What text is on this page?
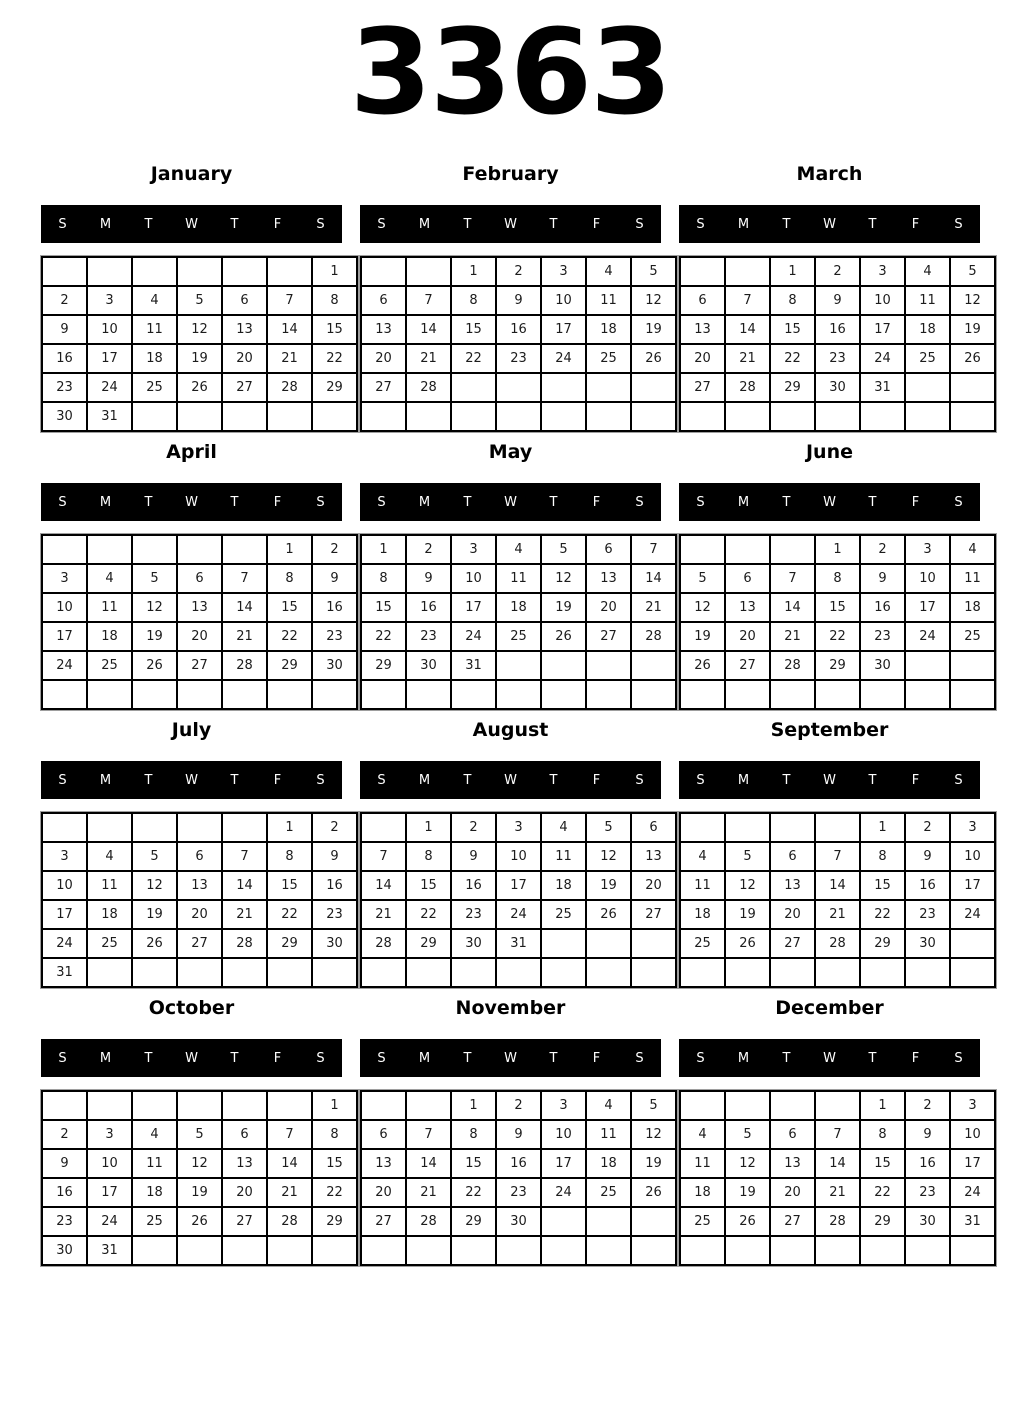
3363
January
S	M	T	W	T	F	S
						1
2	3	4	5	6	7	8
9	10	11	12	13	14	15
16	17	18	19	20	21	22
23	24	25	26	27	28	29
30	31					
February
S	M	T	W	T	F	S
		1	2	3	4	5
6	7	8	9	10	11	12
13	14	15	16	17	18	19
20	21	22	23	24	25	26
27	28					

March
S	M	T	W	T	F	S
		1	2	3	4	5
6	7	8	9	10	11	12
13	14	15	16	17	18	19
20	21	22	23	24	25	26
27	28	29	30	31		

April
S	M	T	W	T	F	S
					1	2
3	4	5	6	7	8	9
10	11	12	13	14	15	16
17	18	19	20	21	22	23
24	25	26	27	28	29	30

May
S	M	T	W	T	F	S
1	2	3	4	5	6	7
8	9	10	11	12	13	14
15	16	17	18	19	20	21
22	23	24	25	26	27	28
29	30	31				

June
S	M	T	W	T	F	S
			1	2	3	4
5	6	7	8	9	10	11
12	13	14	15	16	17	18
19	20	21	22	23	24	25
26	27	28	29	30		

July
S	M	T	W	T	F	S
					1	2
3	4	5	6	7	8	9
10	11	12	13	14	15	16
17	18	19	20	21	22	23
24	25	26	27	28	29	30
31						
August
S	M	T	W	T	F	S
	1	2	3	4	5	6
7	8	9	10	11	12	13
14	15	16	17	18	19	20
21	22	23	24	25	26	27
28	29	30	31			

September
S	M	T	W	T	F	S
				1	2	3
4	5	6	7	8	9	10
11	12	13	14	15	16	17
18	19	20	21	22	23	24
25	26	27	28	29	30	

October
S	M	T	W	T	F	S
						1
2	3	4	5	6	7	8
9	10	11	12	13	14	15
16	17	18	19	20	21	22
23	24	25	26	27	28	29
30	31					
November
S	M	T	W	T	F	S
		1	2	3	4	5
6	7	8	9	10	11	12
13	14	15	16	17	18	19
20	21	22	23	24	25	26
27	28	29	30			

December
S	M	T	W	T	F	S
				1	2	3
4	5	6	7	8	9	10
11	12	13	14	15	16	17
18	19	20	21	22	23	24
25	26	27	28	29	30	31
